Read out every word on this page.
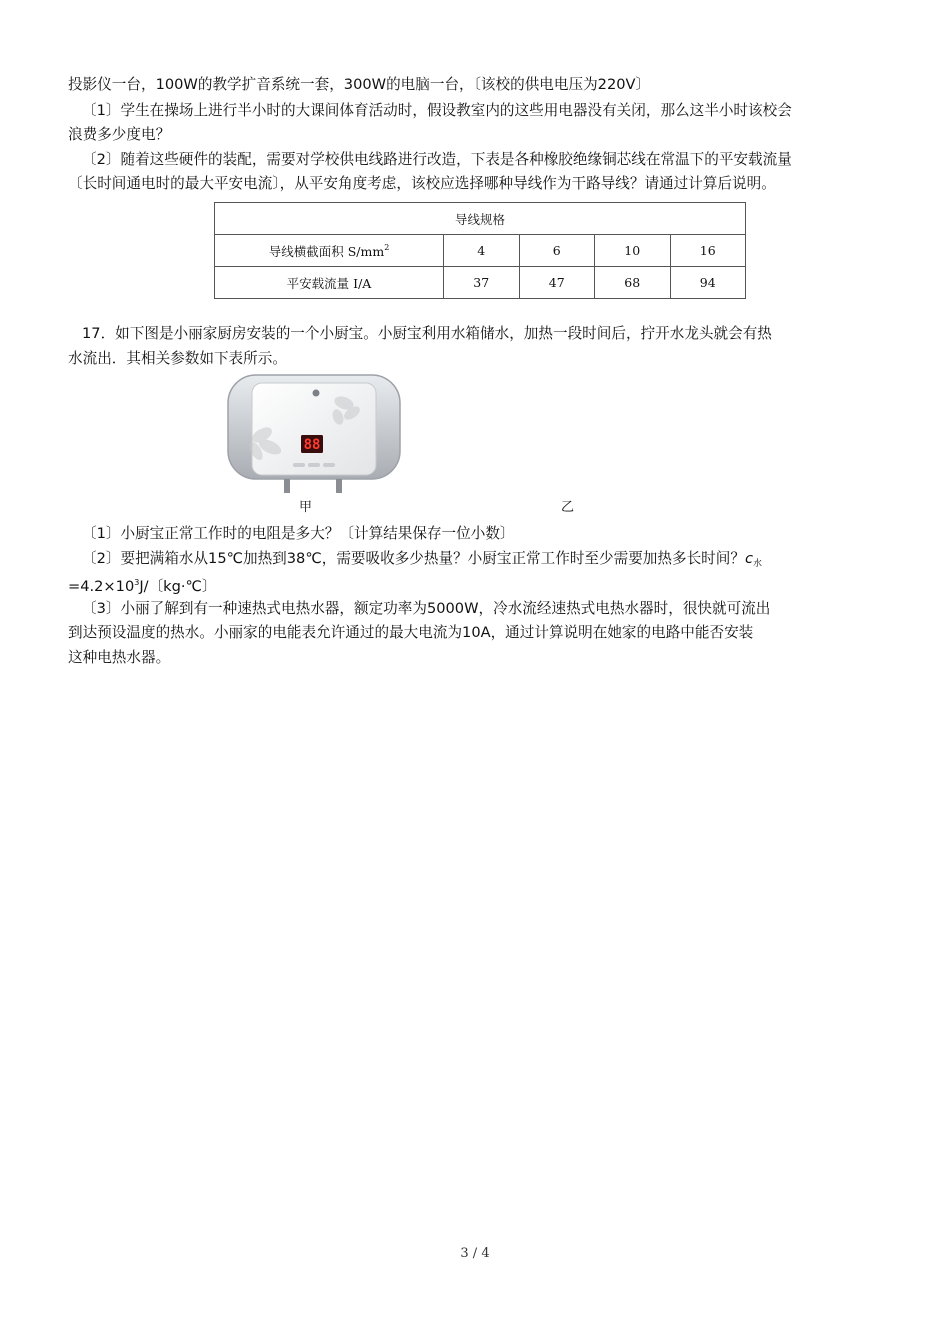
投影仪一台，100W的教学扩音系统一套，300W的电脑一台，〔该校的供电电压为220V〕
〔1〕学生在操场上进行半小时的大课间体育活动时，假设教室内的这些用电器没有关闭，那么这半小时该校会
浪费多少度电？
〔2〕随着这些硬件的装配，需要对学校供电线路进行改造，下表是各种橡胶绝缘铜芯线在常温下的平安载流量
〔长时间通电时的最大平安电流〕，从平安角度考虑，该校应选择哪种导线作为干路导线？请通过计算后说明。
导线规格				
导线横截面积 $S/mm^2$	4	6	10	16
平安载流量 I/A	37	47	68	94
17．如下图是小丽家厨房安装的一个小厨宝。小厨宝利用水箱储水，加热一段时间后，拧开水龙头就会有热
水流出．其相关参数如下表所示。
88
甲	乙
〔1〕小厨宝正常工作时的电阻是多大？〔计算结果保存一位小数〕
〔2〕要把满箱水从15℃加热到38℃，需要吸收多少热量？小厨宝正常工作时至少需要加热多长时间？$c_水$
$=4.2\times 10^3J/$〔kg·℃〕
〔3〕小丽了解到有一种速热式电热水器，额定功率为5000W，冷水流经速热式电热水器时，很快就可流出
到达预设温度的热水。小丽家的电能表允许通过的最大电流为10A，通过计算说明在她家的电路中能否安装
这种电热水器。
3 / 4
